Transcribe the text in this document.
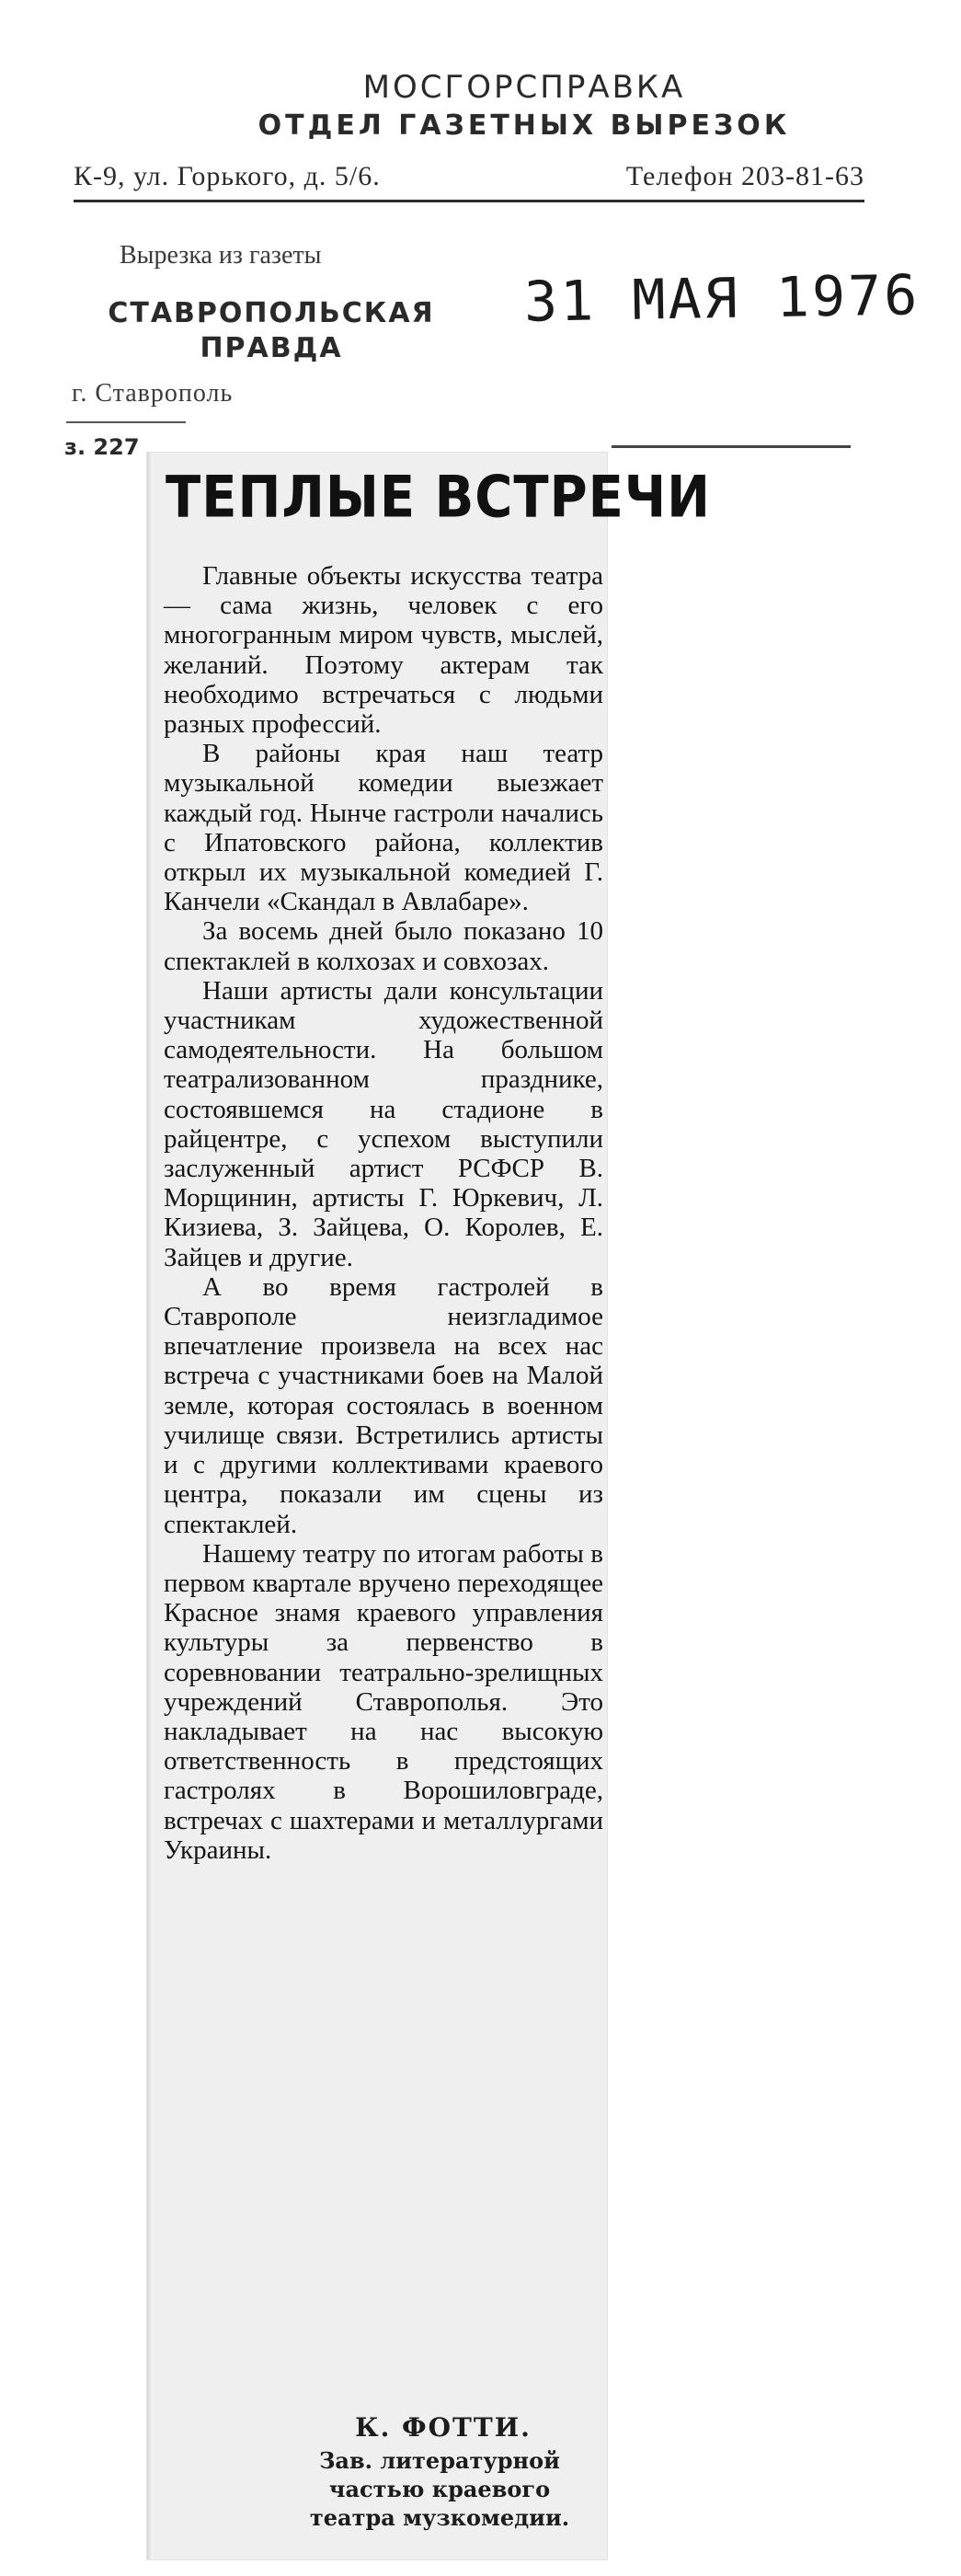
МОСГОРСПРАВКА
ОТДЕЛ ГАЗЕТНЫХ ВЫРЕЗОК
К-9, ул. Горького, д. 5/6.	Телефон 203-81-63
Вырезка из газеты
СТАВРОПОЛЬСКАЯ
ПРАВДА
31 МАЯ 1976
г. Ставрополь
з. 227
ТЕПЛЫЕ ВСТРЕЧИ

Главные объекты искусства театра — сама жизнь, человек с его многогранным миром чувств, мыслей, желаний. Поэтому актерам так необходимо встречаться с людьми разных профессий.

В районы края наш театр музыкальной комедии выезжает каждый год. Нынче гастроли начались с Ипатовского района, коллектив открыл их музыкальной комедией Г. Канчели «Скандал в Авлабаре».

За восемь дней было показано 10 спектаклей в колхозах и совхозах.

Наши артисты дали консультации участникам художественной самодеятельности. На большом театрализованном празднике, состоявшемся на стадионе в райцентре, с успехом выступили заслуженный артист РСФСР В. Морщинин, артисты Г. Юркевич, Л. Кизиева, З. Зайцева, О. Королев, Е. Зайцев и другие.

А во время гастролей в Ставрополе неизгладимое впечатление произвела на всех нас встреча с участниками боев на Малой земле, которая состоялась в военном училище связи. Встретились артисты и с другими коллективами краевого центра, показали им сцены из спектаклей.

Нашему театру по итогам работы в первом квартале вручено переходящее Красное знамя краевого управления культуры за первенство в соревновании театрально-зрелищных учреждений Ставрополья. Это накладывает на нас высокую ответственность в предстоящих гастролях в Ворошиловграде, встречах с шахтерами и металлургами Украины.

К. ФОТТИ.
Зав. литературной частью краевого театра музкомедии.
